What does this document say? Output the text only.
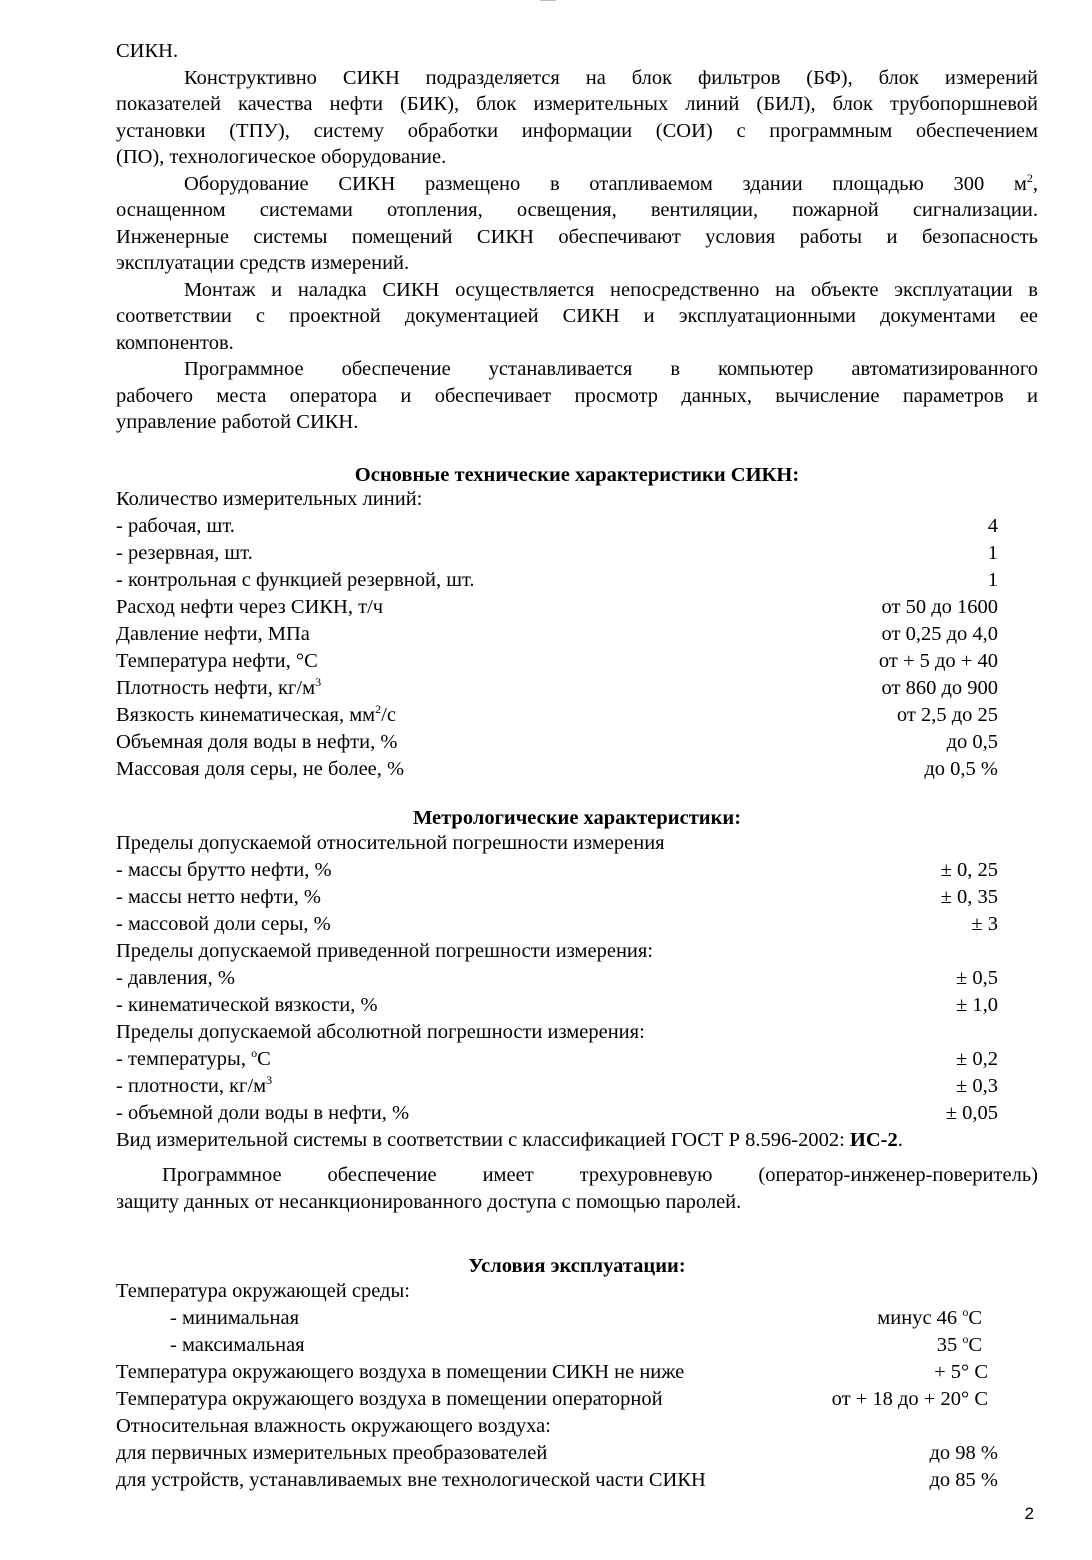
СИКН.
Конструктивно СИКН подразделяется на блок фильтров (БФ), блок измерений
показателей качества нефти (БИК), блок измерительных линий (БИЛ), блок трубопоршневой
установки (ТПУ), систему обработки информации (СОИ) с программным обеспечением
(ПО), технологическое оборудование.
Оборудование СИКН размещено в отапливаемом здании площадью 300 $м^2$,
оснащенном системами отопления, освещения, вентиляции, пожарной сигнализации.
Инженерные системы помещений СИКН обеспечивают условия работы и безопасность
эксплуатации средств измерений.
Монтаж и наладка СИКН осуществляется непосредственно на объекте эксплуатации в
соответствии с проектной документацией СИКН и эксплуатационными документами ее
компонентов.
Программное обеспечение устанавливается в компьютер автоматизированного
рабочего места оператора и обеспечивает просмотр данных, вычисление параметров и
управление работой СИКН.
Основные технические характеристики СИКН:
Количество измерительных линий:
- рабочая, шт.	4
- резервная, шт.	1
- контрольная с функцией резервной, шт.	1
Расход нефти через СИКН, т/ч	от 50 до 1600
Давление нефти, МПа	от 0,25 до 4,0
Температура нефти, °С	от + 5 до + 40
Плотность нефти, $кг/м^3$	от 860 до 900
Вязкость кинематическая, $мм^2/с$	от 2,5 до 25
Объемная доля воды в нефти, %	до 0,5
Массовая доля серы, не более, %	до 0,5 %
Метрологические характеристики:
Пределы допускаемой относительной погрешности измерения
- массы брутто нефти, %	± 0, 25
- массы нетто нефти, %	± 0, 35
- массовой доли серы, %	± 3
Пределы допускаемой приведенной погрешности измерения:
- давления, %	± 0,5
- кинематической вязкости, %	± 1,0
Пределы допускаемой абсолютной погрешности измерения:
- температуры, $^о$С	± 0,2
- плотности, $кг/м^3$	± 0,3
- объемной доли воды в нефти, %	± 0,05
Вид измерительной системы в соответствии с классификацией ГОСТ Р 8.596-2002: ИС-2.
Программное обеспечение имеет трехуровневую (оператор-инженер-поверитель)
защиту данных от несанкционированного доступа с помощью паролей.
Условия эксплуатации:
Температура окружающей среды:
- минимальная	минус 46 $^о$С
- максимальная	35 $^о$С
Температура окружающего воздуха в помещении СИКН не ниже	+ 5° С
Температура окружающего воздуха в помещении операторной	от + 18 до + 20° С
Относительная влажность окружающего воздуха:
для первичных измерительных преобразователей	до 98 %
для устройств, устанавливаемых вне технологической части СИКН	до 85 %
2
